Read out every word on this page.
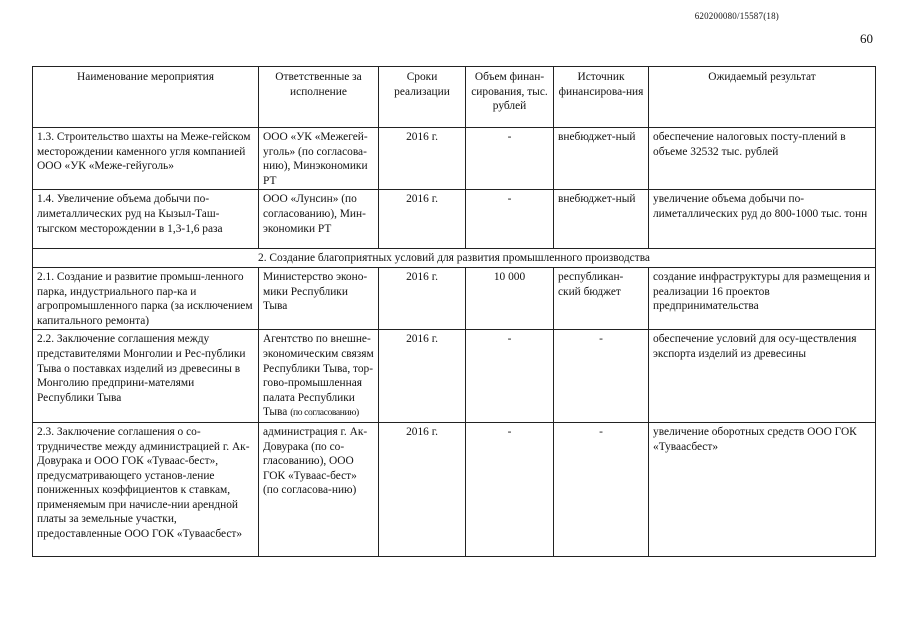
620200080/15587(18)
60
Наименование мероприятия	Ответственные за исполнение	Сроки реализации	Объем финан-сирования, тыс. рублей	Источник финансирова-ния	Ожидаемый результат
1.3. Строительство шахты на Меже-гейском месторождении каменного угля компанией ООО «УК «Меже-гейуголь»	ООО «УК «Межегей-уголь» (по согласова-нию), Минэкономики РТ	2016 г.	-	внебюджет-ный	обеспечение налоговых посту-плений в объеме 32532 тыс. рублей
1.4. Увеличение объема добычи по-лиметаллических руд на Кызыл-Таш-тыгском месторождении в 1,3-1,6 раза	ООО «Лунсин» (по согласованию), Мин-экономики РТ	2016 г.	-	внебюджет-ный	увеличение объема добычи по-лиметаллических руд до 800-1000 тыс. тонн
2. Создание благоприятных условий для развития промышленного производства					
2.1. Создание и развитие промыш-ленного парка, индустриального пар-ка и агропромышленного парка (за исключением капитального ремонта)	Министерство эконо-мики Республики Тыва	2016 г.	10 000	республикан-ский бюджет	создание инфраструктуры для размещения и реализации 16 проектов предпринимательства
2.2. Заключение соглашения между представителями Монголии и Рес-публики Тыва о поставках изделий из древесины в Монголию предприни-мателями Республики Тыва	Агентство по внешне-экономическим связям Республики Тыва, тор-гово-промышленная палата Республики Тыва (по согласованию)	2016 г.	-	-	обеспечение условий для осу-ществления экспорта изделий из древесины
2.3. Заключение соглашения о со-трудничестве между администрацией г. Ак-Довурака и ООО ГОК «Туваас-бест», предусматривающего установ-ление пониженных коэффициентов к ставкам, применяемым при начисле-нии арендной платы за земельные участки, предоставленные ООО ГОК «Тувaaсбест»	администрация г. Ак-Довурака (по со-гласованию), ООО ГОК «Тувaaс-бест» (по согласова-нию)	2016 г.	-	-	увеличение оборотных средств ООО ГОК «Туваасбест»
